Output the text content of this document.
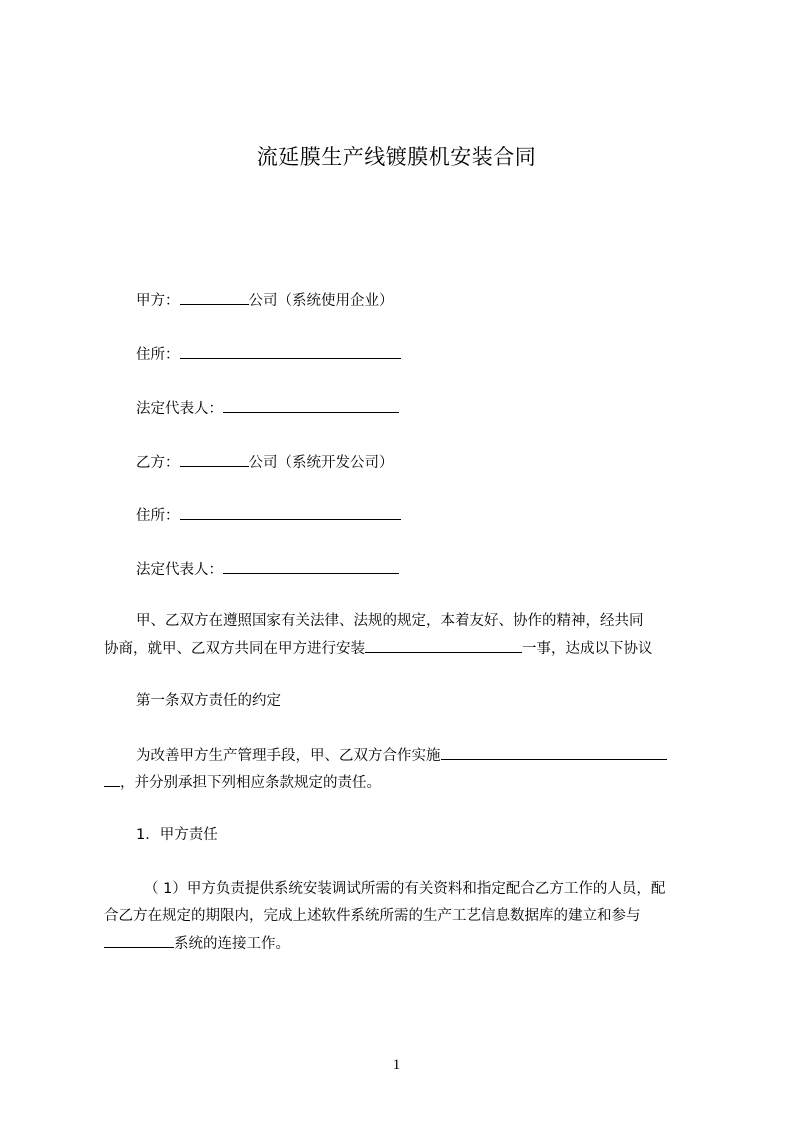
流延膜生产线镀膜机安装合同
甲方：	公司（系统使用企业）
住所：
法定代表人：
乙方：	公司（系统开发公司）
住所：
法定代表人：
甲、乙双方在遵照国家有关法律、法规的规定，本着友好、协作的精神，经共同
协商，就甲、乙双方共同在甲方进行安装	一事，达成以下协议
第一条双方责任的约定
为改善甲方生产管理手段，甲、乙双方合作实施
，并分别承担下列相应条款规定的责任。
1．甲方责任
（ 1）甲方负责提供系统安装调试所需的有关资料和指定配合乙方工作的人员，配
合乙方在规定的期限内，完成上述软件系统所需的生产工艺信息数据库的建立和参与
系统的连接工作。
1
